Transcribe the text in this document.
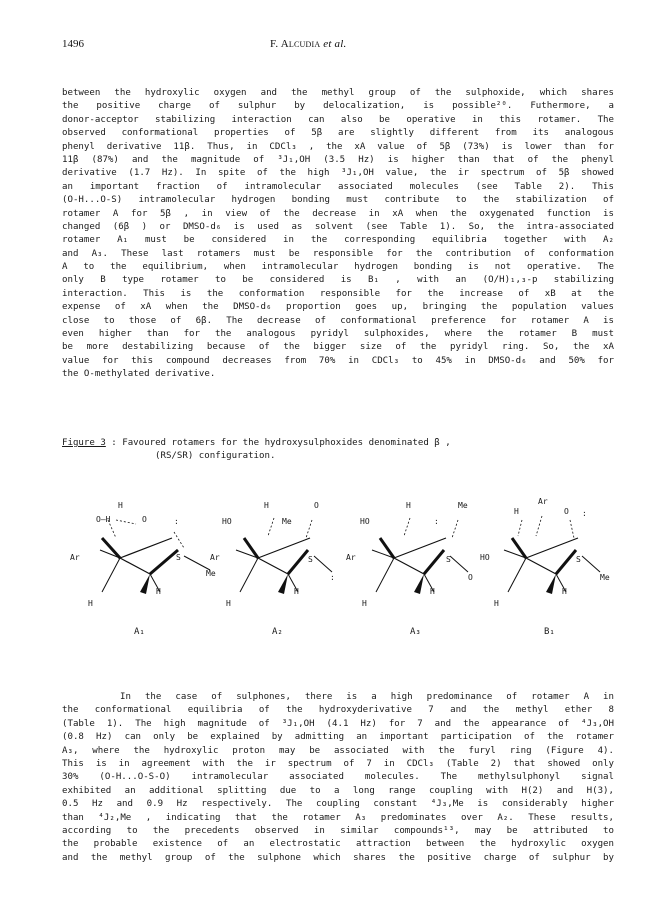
1496	F. Alcudia et al.
between the hydroxylic oxygen and the methyl group of the sulphoxide, which shares
the positive charge of sulphur by delocalization, is possible²⁰. Futhermore, a
donor-acceptor stabilizing interaction can also be operative in this rotamer. The
observed conformational properties of 5β are slightly different from its analogous
phenyl derivative 11β. Thus, in CDCl₃ , the xA value of 5β (73%) is lower than for
11β (87%) and the magnitude of ³J₁,OH (3.5 Hz) is higher than that of the phenyl
derivative (1.7 Hz). In spite of the high ³J₁,OH value, the ir spectrum of 5β showed
an important fraction of intramolecular associated molecules (see Table 2). This
(O-H...O-S) intramolecular hydrogen bonding must contribute to the stabilization of
rotamer A for 5β , in view of the decrease in xA when the oxygenated function is
changed (6β ) or DMSO-d₆ is used as solvent (see Table 1). So, the intra-associated
rotamer A₁ must be considered in the corresponding equilibria together with A₂
and A₃. These last rotamers must be responsible for the contribution of conformation
A to the equilibrium, when intramolecular hydrogen bonding is not operative. The
only B type rotamer to be considered is B₁ , with an (O/H)₁,₃-p stabilizing
interaction. This is the conformation responsible for the increase of xB at the
expense of xA when the DMSO-d₆ proportion goes up, bringing the population values
close to those of 6β. The decrease of conformational preference for rotamer A is
even higher than for the analogous pyridyl sulphoxides, where the rotamer B must
be more destabilizing because of the bigger size of the pyridyl ring. So, the xA
value for this compound decreases from 70% in CDCl₃ to 45% in DMSO-d₆ and 50% for
the O-methylated derivative.
Figure 3 : Favoured rotamers for the hydroxysulphoxides denominated β ,
(RS/SR) configuration.
O—H
H
O	:
S
Me
Ar
H
H
A₁
HO
H
Me
O
S
:
Ar
H
H
A₂
HO
H
:
Me
S
O
Ar
H
H
A₃
H
Ar
O :
S
Me
HO
H
H
B₁
In the case of sulphones, there is a high predominance of rotamer A in
the conformational equilibria of the hydroxyderivative 7 and the methyl ether 8
(Table 1). The high magnitude of ³J₁,OH (4.1 Hz) for 7 and the appearance of ⁴J₃,OH
(0.8 Hz) can only be explained by admitting an important participation of the rotamer
A₃, where the hydroxylic proton may be associated with the furyl ring (Figure 4).
This is in agreement with the ir spectrum of 7 in CDCl₃ (Table 2) that showed only
30% (O-H...O-S-O) intramolecular associated molecules. The methylsulphonyl signal
exhibited an additional splitting due to a long range coupling with H(2) and H(3),
0.5 Hz and 0.9 Hz respectively. The coupling constant ⁴J₃,Me is considerably higher
than ⁴J₂,Me , indicating that the rotamer A₃ predominates over A₂. These results,
according to the precedents observed in similar compounds¹³, may be attributed to
the probable existence of an electrostatic attraction between the hydroxylic oxygen
and the methyl group of the sulphone which shares the positive charge of sulphur by
